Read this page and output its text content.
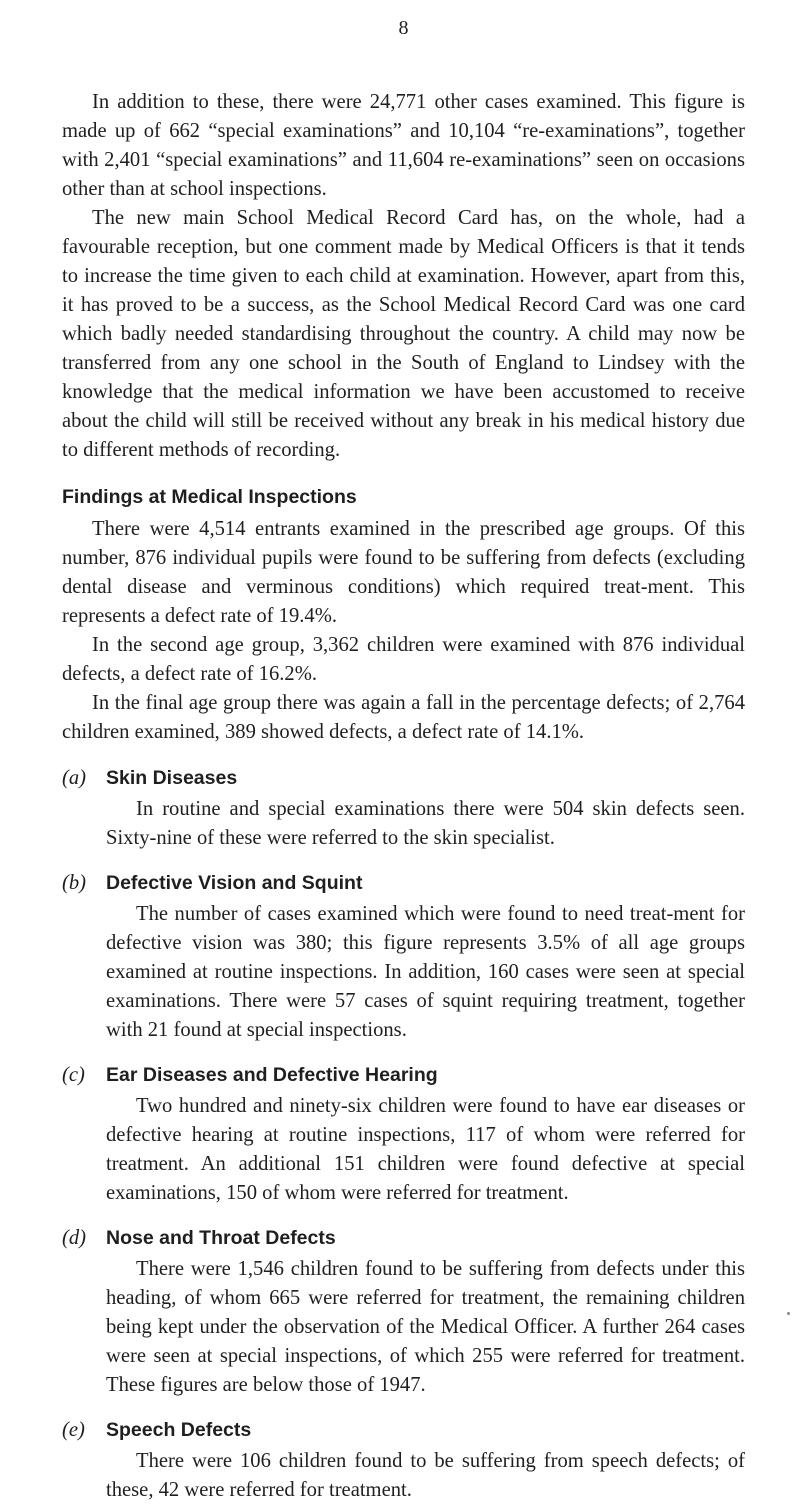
8

In addition to these, there were 24,771 other cases examined. This figure is made up of 662 “special examinations” and 10,104 “re-examinations”, together with 2,401 “special examinations” and 11,604 re-examinations” seen on occasions other than at school inspections.

The new main School Medical Record Card has, on the whole, had a favourable reception, but one comment made by Medical Officers is that it tends to increase the time given to each child at examination. However, apart from this, it has proved to be a success, as the School Medical Record Card was one card which badly needed standardising throughout the country. A child may now be transferred from any one school in the South of England to Lindsey with the knowledge that the medical information we have been accustomed to receive about the child will still be received without any break in his medical history due to different methods of recording.

Findings at Medical Inspections

There were 4,514 entrants examined in the prescribed age groups. Of this number, 876 individual pupils were found to be suffering from defects (excluding dental disease and verminous conditions) which required treat-ment. This represents a defect rate of 19.4%.

In the second age group, 3,362 children were examined with 876 individual defects, a defect rate of 16.2%.

In the final age group there was again a fall in the percentage defects; of 2,764 children examined, 389 showed defects, a defect rate of 14.1%.

(a)	Skin Diseases

In routine and special examinations there were 504 skin defects seen. Sixty-nine of these were referred to the skin specialist.

(b)	Defective Vision and Squint

The number of cases examined which were found to need treat-ment for defective vision was 380; this figure represents 3.5% of all age groups examined at routine inspections. In addition, 160 cases were seen at special examinations. There were 57 cases of squint requiring treatment, together with 21 found at special inspections.

(c)	Ear Diseases and Defective Hearing

Two hundred and ninety-six children were found to have ear diseases or defective hearing at routine inspections, 117 of whom were referred for treatment. An additional 151 children were found defective at special examinations, 150 of whom were referred for treatment.

(d)	Nose and Throat Defects

There were 1,546 children found to be suffering from defects under this heading, of whom 665 were referred for treatment, the remaining children being kept under the observation of the Medical Officer. A further 264 cases were seen at special inspections, of which 255 were referred for treatment. These figures are below those of 1947.

(e)	Speech Defects

There were 106 children found to be suffering from speech defects; of these, 42 were referred for treatment.
